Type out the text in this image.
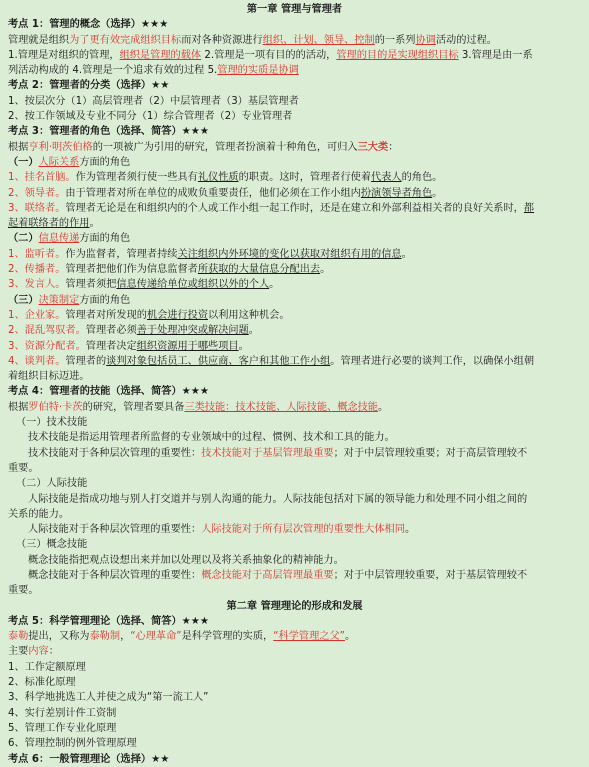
第一章 管理与管理者
考点 1：管理的概念（选择）★★★
管理就是组织为了更有效完成组织目标而对各种资源进行组织、计划、领导、控制的一系列协调活动的过程。
1.管理是对组织的管理，组织是管理的载体 2.管理是一项有目的的活动，管理的目的是实现组织目标 3.管理是由一系
列活动构成的 4.管理是一个追求有效的过程 5.管理的实质是协调
考点 2：管理者的分类（选择）★★
1、按层次分（1）高层管理者（2）中层管理者（3）基层管理者
2、按工作领域及专业不同分（1）综合管理者（2）专业管理者
考点 3：管理者的角色（选择、简答）★★★
根据亨利·明茨伯格的一项被广为引用的研究，管理者扮演着十种角色，可归入三大类：
（一）人际关系方面的角色
1、挂名首脑。作为管理者须行使一些具有礼仪性质的职责。这时，管理者行使着代表人的角色。
2、领导者。由于管理者对所在单位的成败负重要责任，他们必须在工作小组内扮演领导者角色。
3、联络者。管理者无论是在和组织内的个人或工作小组一起工作时，还是在建立和外部利益相关者的良好关系时，都
起着联络者的作用。
（二）信息传递方面的角色
1、监听者。作为监督者，管理者持续关注组织内外环境的变化以获取对组织有用的信息。
2、传播者。管理者把他们作为信息监督者所获取的大量信息分配出去。
3、发言人。管理者须把信息传递给单位或组织以外的个人。
（三）决策制定方面的角色
1、企业家。管理者对所发现的机会进行投资以利用这种机会。
2、混乱驾驭者。管理者必须善于处理冲突或解决问题。
3、资源分配者。管理者决定组织资源用于哪些项目。
4、谈判者。管理者的谈判对象包括员工、供应商、客户和其他工作小组。管理者进行必要的谈判工作，以确保小组朝
着组织目标迈进。
考点 4：管理者的技能（选择、简答）★★★
根据罗伯特·卡茨的研究，管理者要具备三类技能：技术技能、人际技能、概念技能。
（一）技术技能
技术技能是指运用管理者所监督的专业领域中的过程、惯例、技术和工具的能力。
技术技能对于各种层次管理的重要性：技术技能对于基层管理最重要；对于中层管理较重要；对于高层管理较不
重要。
（二）人际技能
人际技能是指成功地与别人打交道并与别人沟通的能力。人际技能包括对下属的领导能力和处理不同小组之间的
关系的能力。
人际技能对于各种层次管理的重要性：人际技能对于所有层次管理的重要性大体相同。
（三）概念技能
概念技能指把观点设想出来并加以处理以及将关系抽象化的精神能力。
概念技能对于各种层次管理的重要性：概念技能对于高层管理最重要；对于中层管理较重要，对于基层管理较不
重要。
第二章 管理理论的形成和发展
考点 5：科学管理理论（选择、简答）★★★
泰勒提出，又称为泰勒制，“心理革命”是科学管理的实质，“科学管理之父”。
主要内容：
1、工作定额原理
2、标准化原理
3、科学地挑选工人并使之成为“第一流工人”
4、实行差别计件工资制
5、管理工作专业化原理
6、管理控制的例外管理原理
考点 6：一般管理理论（选择）★★
